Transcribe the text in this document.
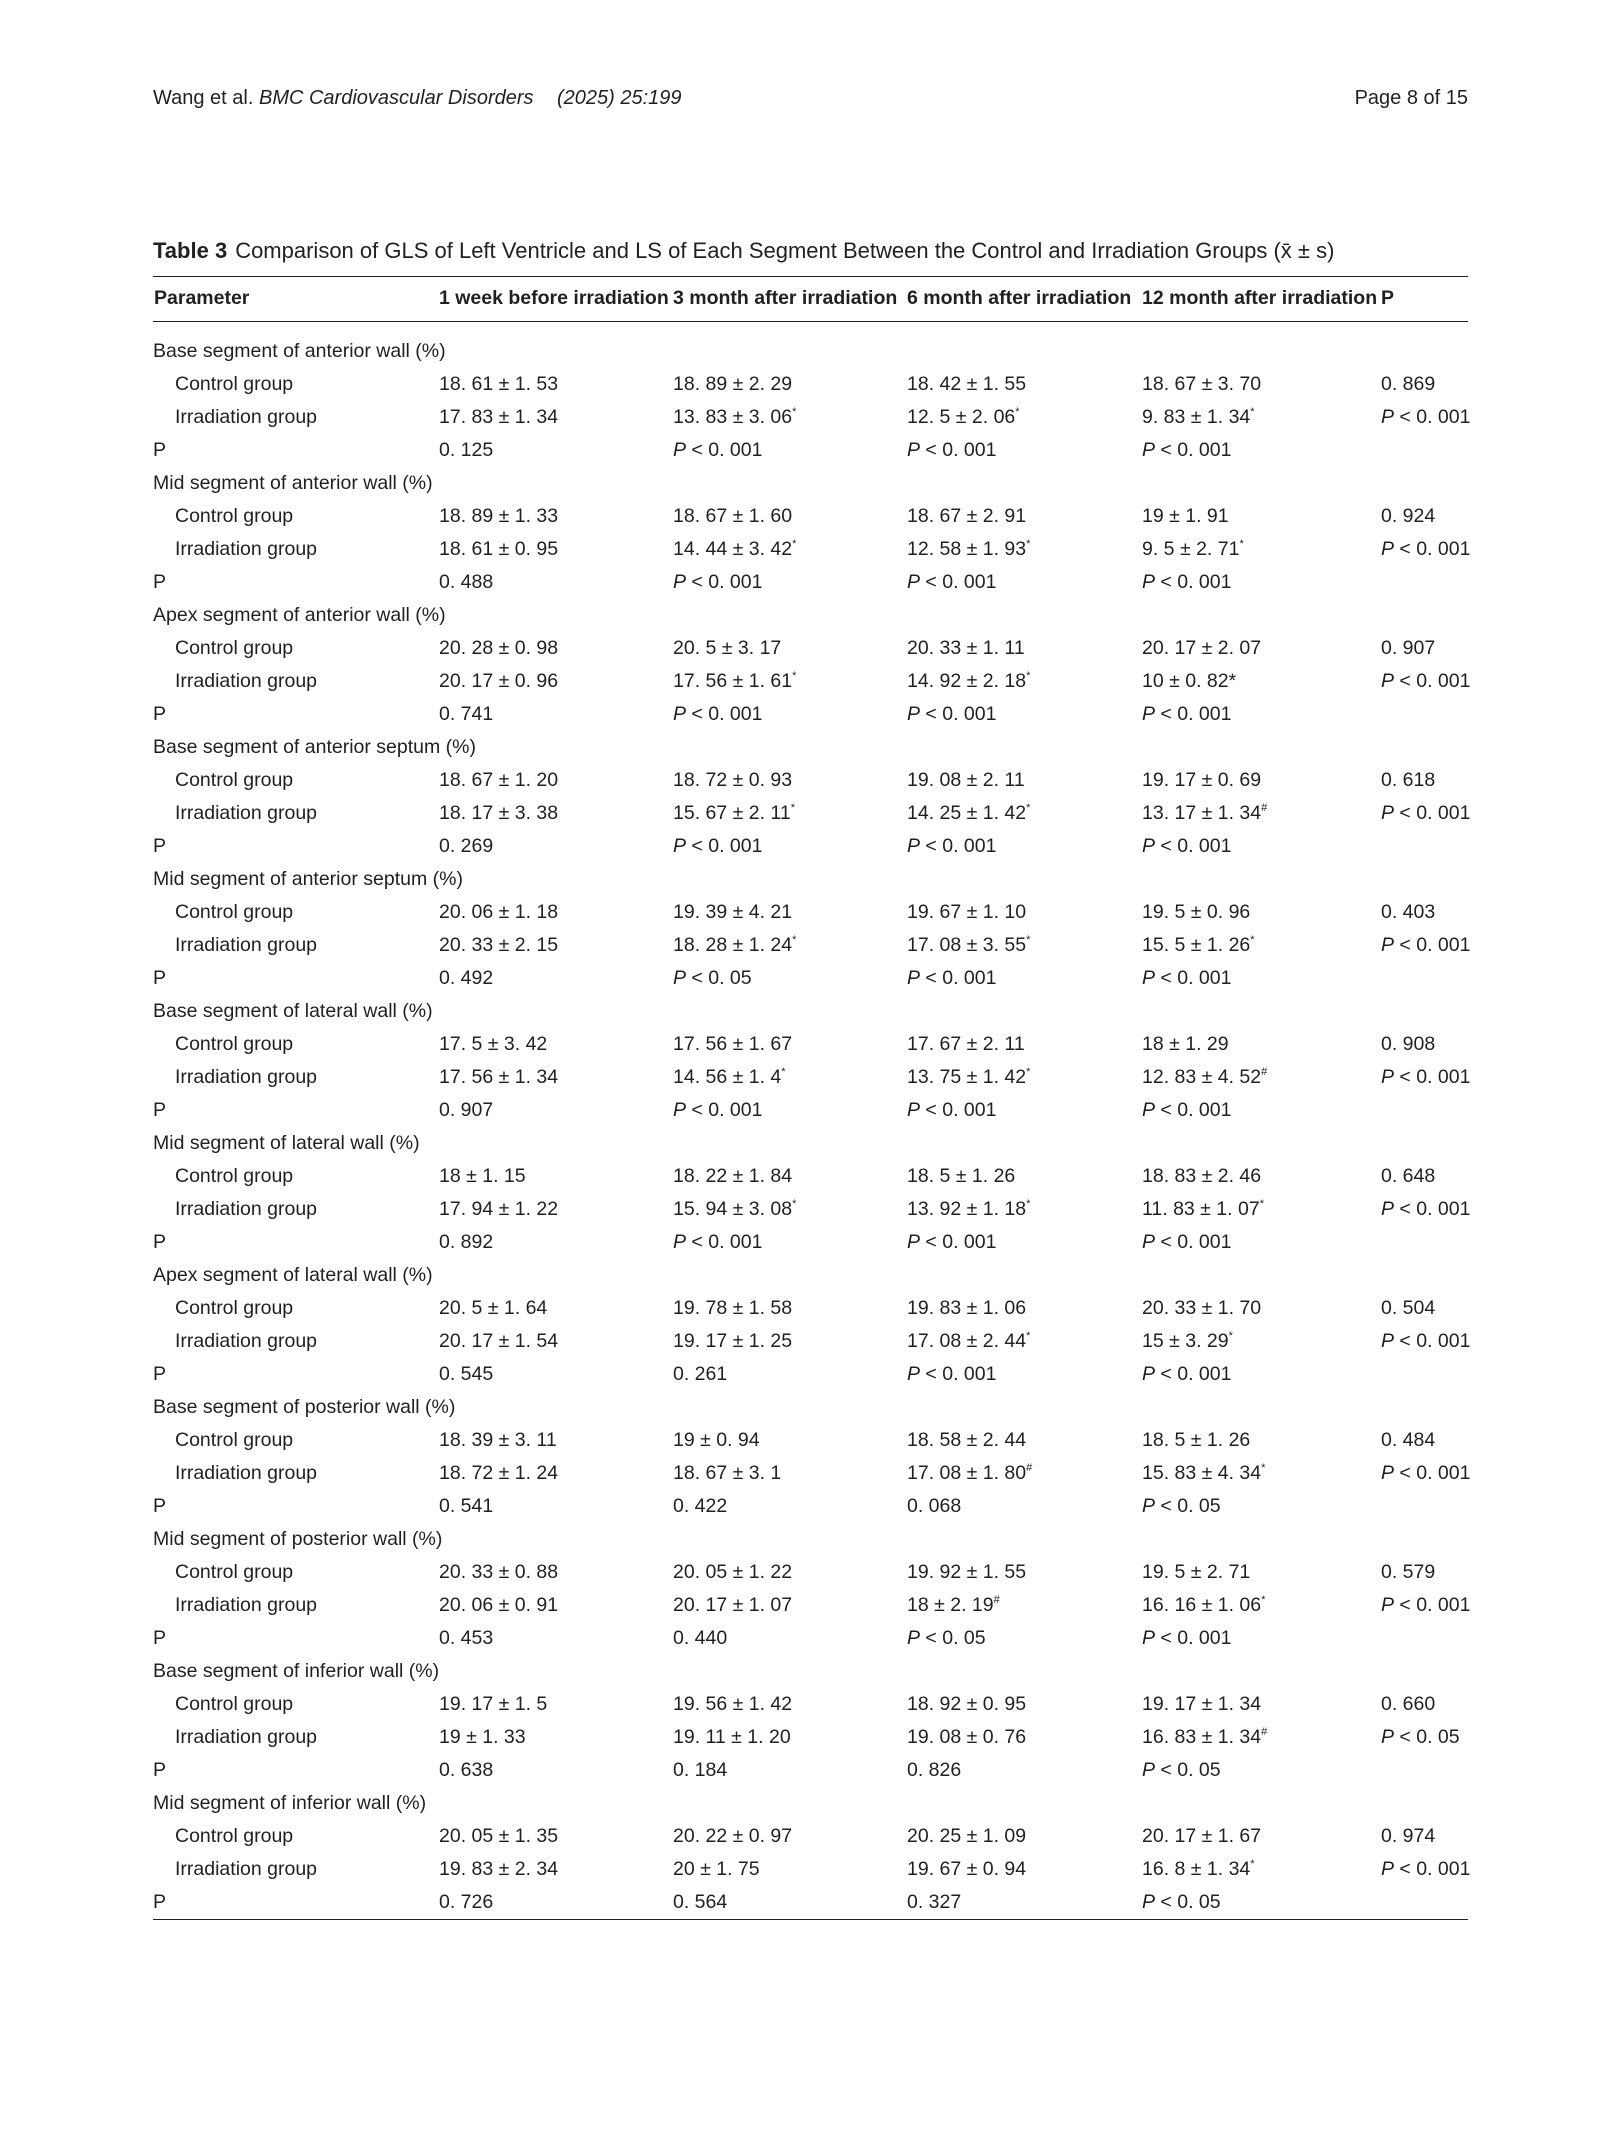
Wang et al. BMC Cardiovascular Disorders (2025) 25:199	Page 8 of 15
Table 3 Comparison of GLS of Left Ventricle and LS of Each Segment Between the Control and Irradiation Groups (x̄ ± s)
Parameter	1 week before irradiation	3 month after irradiation	6 month after irradiation	12 month after irradiation	P
Base segment of anterior wall (%)					
Control group	18. 61 ± 1. 53	18. 89 ± 2. 29	18. 42 ± 1. 55	18. 67 ± 3. 70	0. 869
Irradiation group	17. 83 ± 1. 34	13. 83 ± 3. 06*	12. 5 ± 2. 06*	9. 83 ± 1. 34*	P < 0. 001
P	0. 125	P < 0. 001	P < 0. 001	P < 0. 001	
Mid segment of anterior wall (%)					
Control group	18. 89 ± 1. 33	18. 67 ± 1. 60	18. 67 ± 2. 91	19 ± 1. 91	0. 924
Irradiation group	18. 61 ± 0. 95	14. 44 ± 3. 42*	12. 58 ± 1. 93*	9. 5 ± 2. 71*	P < 0. 001
P	0. 488	P < 0. 001	P < 0. 001	P < 0. 001	
Apex segment of anterior wall (%)					
Control group	20. 28 ± 0. 98	20. 5 ± 3. 17	20. 33 ± 1. 11	20. 17 ± 2. 07	0. 907
Irradiation group	20. 17 ± 0. 96	17. 56 ± 1. 61*	14. 92 ± 2. 18*	10 ± 0. 82*	P < 0. 001
P	0. 741	P < 0. 001	P < 0. 001	P < 0. 001	
Base segment of anterior septum (%)					
Control group	18. 67 ± 1. 20	18. 72 ± 0. 93	19. 08 ± 2. 11	19. 17 ± 0. 69	0. 618
Irradiation group	18. 17 ± 3. 38	15. 67 ± 2. 11*	14. 25 ± 1. 42*	13. 17 ± 1. 34#	P < 0. 001
P	0. 269	P < 0. 001	P < 0. 001	P < 0. 001	
Mid segment of anterior septum (%)					
Control group	20. 06 ± 1. 18	19. 39 ± 4. 21	19. 67 ± 1. 10	19. 5 ± 0. 96	0. 403
Irradiation group	20. 33 ± 2. 15	18. 28 ± 1. 24*	17. 08 ± 3. 55*	15. 5 ± 1. 26*	P < 0. 001
P	0. 492	P < 0. 05	P < 0. 001	P < 0. 001	
Base segment of lateral wall (%)					
Control group	17. 5 ± 3. 42	17. 56 ± 1. 67	17. 67 ± 2. 11	18 ± 1. 29	0. 908
Irradiation group	17. 56 ± 1. 34	14. 56 ± 1. 4*	13. 75 ± 1. 42*	12. 83 ± 4. 52#	P < 0. 001
P	0. 907	P < 0. 001	P < 0. 001	P < 0. 001	
Mid segment of lateral wall (%)					
Control group	18 ± 1. 15	18. 22 ± 1. 84	18. 5 ± 1. 26	18. 83 ± 2. 46	0. 648
Irradiation group	17. 94 ± 1. 22	15. 94 ± 3. 08*	13. 92 ± 1. 18*	11. 83 ± 1. 07*	P < 0. 001
P	0. 892	P < 0. 001	P < 0. 001	P < 0. 001	
Apex segment of lateral wall (%)					
Control group	20. 5 ± 1. 64	19. 78 ± 1. 58	19. 83 ± 1. 06	20. 33 ± 1. 70	0. 504
Irradiation group	20. 17 ± 1. 54	19. 17 ± 1. 25	17. 08 ± 2. 44*	15 ± 3. 29*	P < 0. 001
P	0. 545	0. 261	P < 0. 001	P < 0. 001	
Base segment of posterior wall (%)					
Control group	18. 39 ± 3. 11	19 ± 0. 94	18. 58 ± 2. 44	18. 5 ± 1. 26	0. 484
Irradiation group	18. 72 ± 1. 24	18. 67 ± 3. 1	17. 08 ± 1. 80#	15. 83 ± 4. 34*	P < 0. 001
P	0. 541	0. 422	0. 068	P < 0. 05	
Mid segment of posterior wall (%)					
Control group	20. 33 ± 0. 88	20. 05 ± 1. 22	19. 92 ± 1. 55	19. 5 ± 2. 71	0. 579
Irradiation group	20. 06 ± 0. 91	20. 17 ± 1. 07	18 ± 2. 19#	16. 16 ± 1. 06*	P < 0. 001
P	0. 453	0. 440	P < 0. 05	P < 0. 001	
Base segment of inferior wall (%)					
Control group	19. 17 ± 1. 5	19. 56 ± 1. 42	18. 92 ± 0. 95	19. 17 ± 1. 34	0. 660
Irradiation group	19 ± 1. 33	19. 11 ± 1. 20	19. 08 ± 0. 76	16. 83 ± 1. 34#	P < 0. 05
P	0. 638	0. 184	0. 826	P < 0. 05	
Mid segment of inferior wall (%)					
Control group	20. 05 ± 1. 35	20. 22 ± 0. 97	20. 25 ± 1. 09	20. 17 ± 1. 67	0. 974
Irradiation group	19. 83 ± 2. 34	20 ± 1. 75	19. 67 ± 0. 94	16. 8 ± 1. 34*	P < 0. 001
P	0. 726	0. 564	0. 327	P < 0. 05	
